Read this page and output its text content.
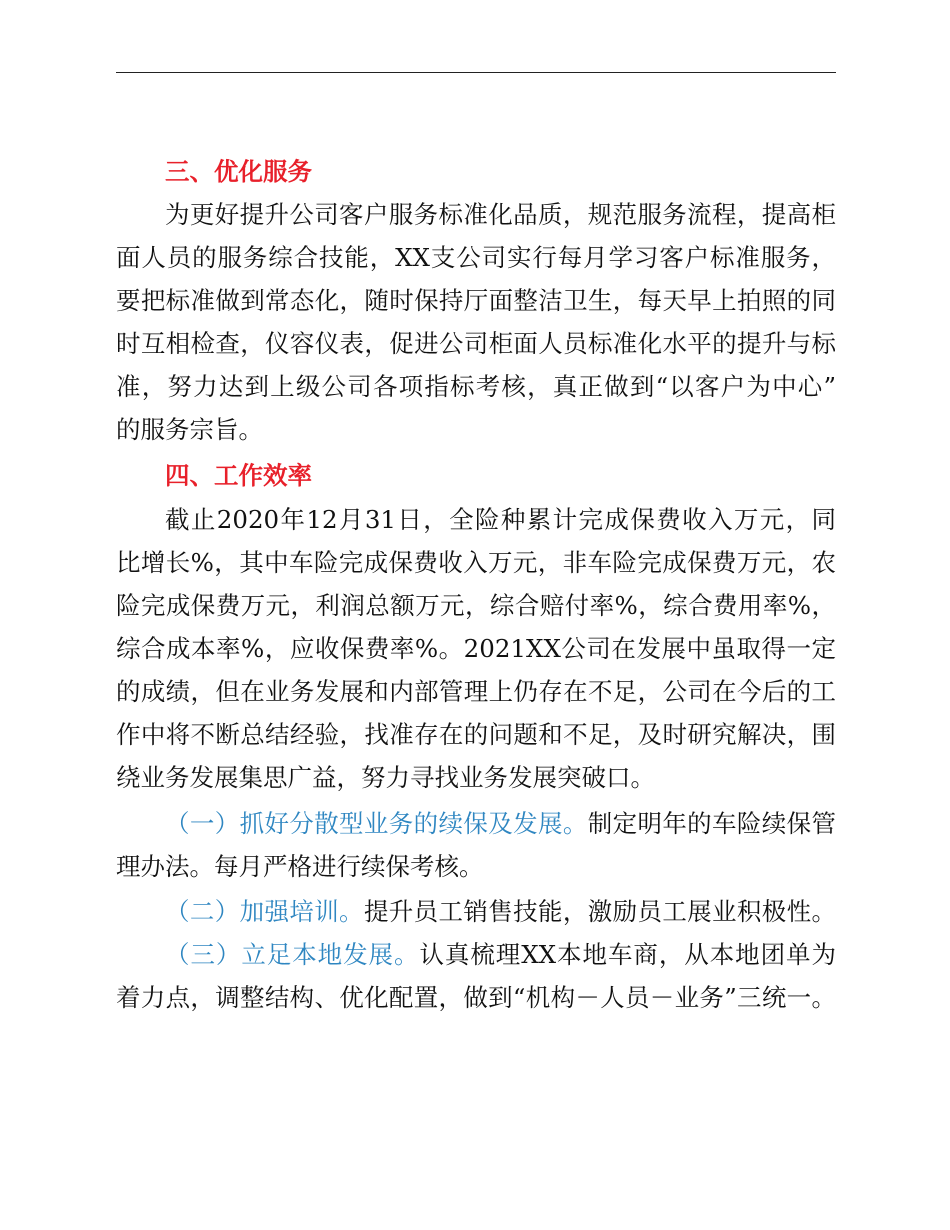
三、优化服务
为更好提升公司客户服务标准化品质，规范服务流程，提高柜
面人员的服务综合技能，XX支公司实行每月学习客户标准服务，
要把标准做到常态化，随时保持厅面整洁卫生，每天早上拍照的同
时互相检查，仪容仪表，促进公司柜面人员标准化水平的提升与标
准，努力达到上级公司各项指标考核，真正做到“以客户为中心”
的服务宗旨。
四、工作效率
截止2020年12月31日，全险种累计完成保费收入万元，同
比增长%，其中车险完成保费收入万元，非车险完成保费万元，农
险完成保费万元，利润总额万元，综合赔付率%，综合费用率%，
综合成本率%，应收保费率%。2021XX公司在发展中虽取得一定
的成绩，但在业务发展和内部管理上仍存在不足，公司在今后的工
作中将不断总结经验，找准存在的问题和不足，及时研究解决，围
绕业务发展集思广益，努力寻找业务发展突破口。
（一）抓好分散型业务的续保及发展。制定明年的车险续保管
理办法。每月严格进行续保考核。
（二）加强培训。提升员工销售技能，激励员工展业积极性。
（三）立足本地发展。认真梳理XX本地车商，从本地团单为
着力点，调整结构、优化配置，做到“机构－人员－业务”三统一。
